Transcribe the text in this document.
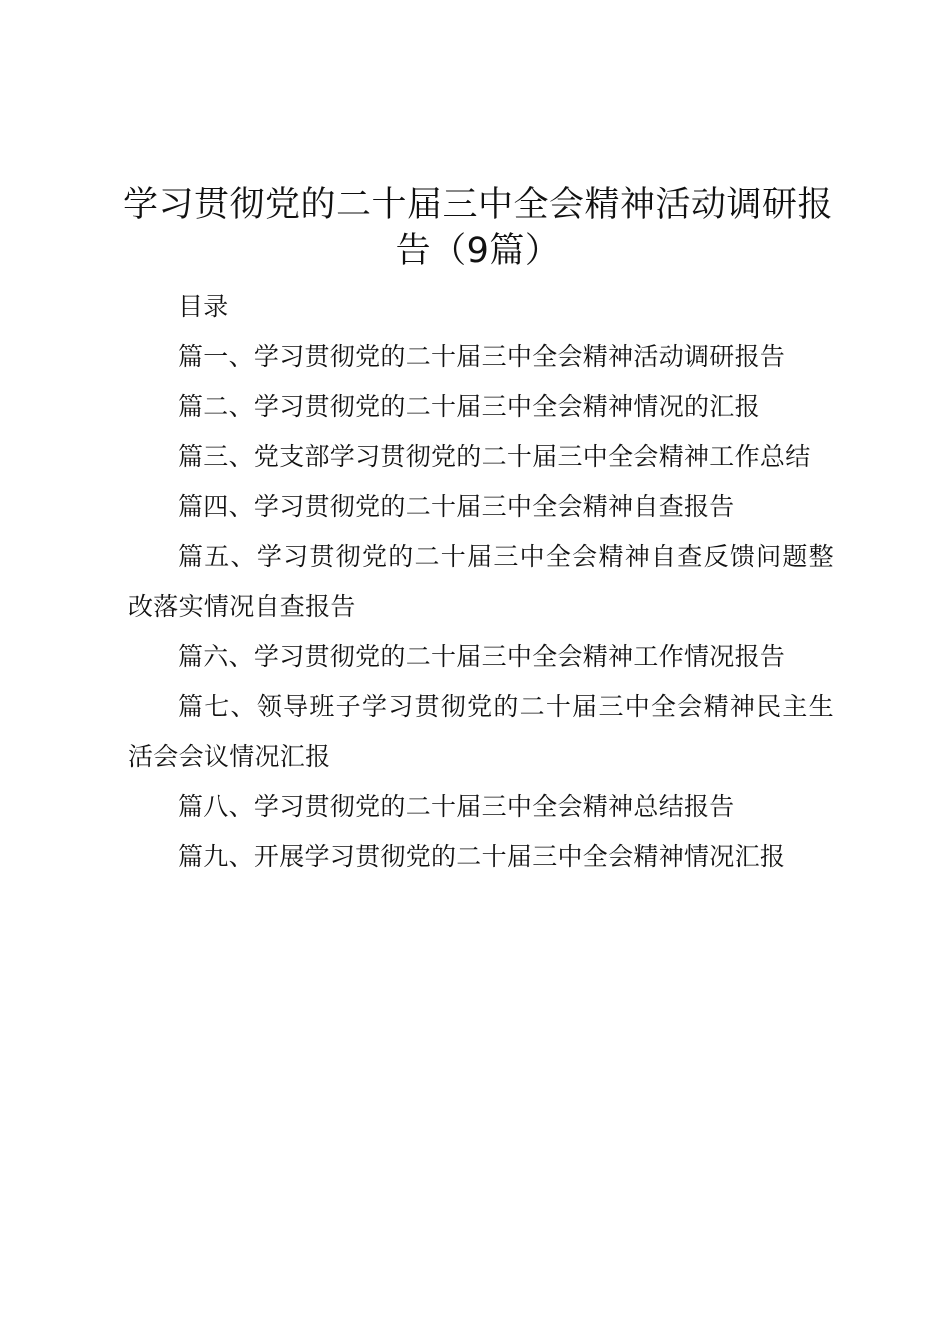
学习贯彻党的二十届三中全会精神活动调研报告（9篇）

目录

篇一、学习贯彻党的二十届三中全会精神活动调研报告
篇二、学习贯彻党的二十届三中全会精神情况的汇报
篇三、党支部学习贯彻党的二十届三中全会精神工作总结
篇四、学习贯彻党的二十届三中全会精神自查报告
篇五、学习贯彻党的二十届三中全会精神自查反馈问题整改落实情况自查报告
篇六、学习贯彻党的二十届三中全会精神工作情况报告
篇七、领导班子学习贯彻党的二十届三中全会精神民主生活会会议情况汇报
篇八、学习贯彻党的二十届三中全会精神总结报告
篇九、开展学习贯彻党的二十届三中全会精神情况汇报
